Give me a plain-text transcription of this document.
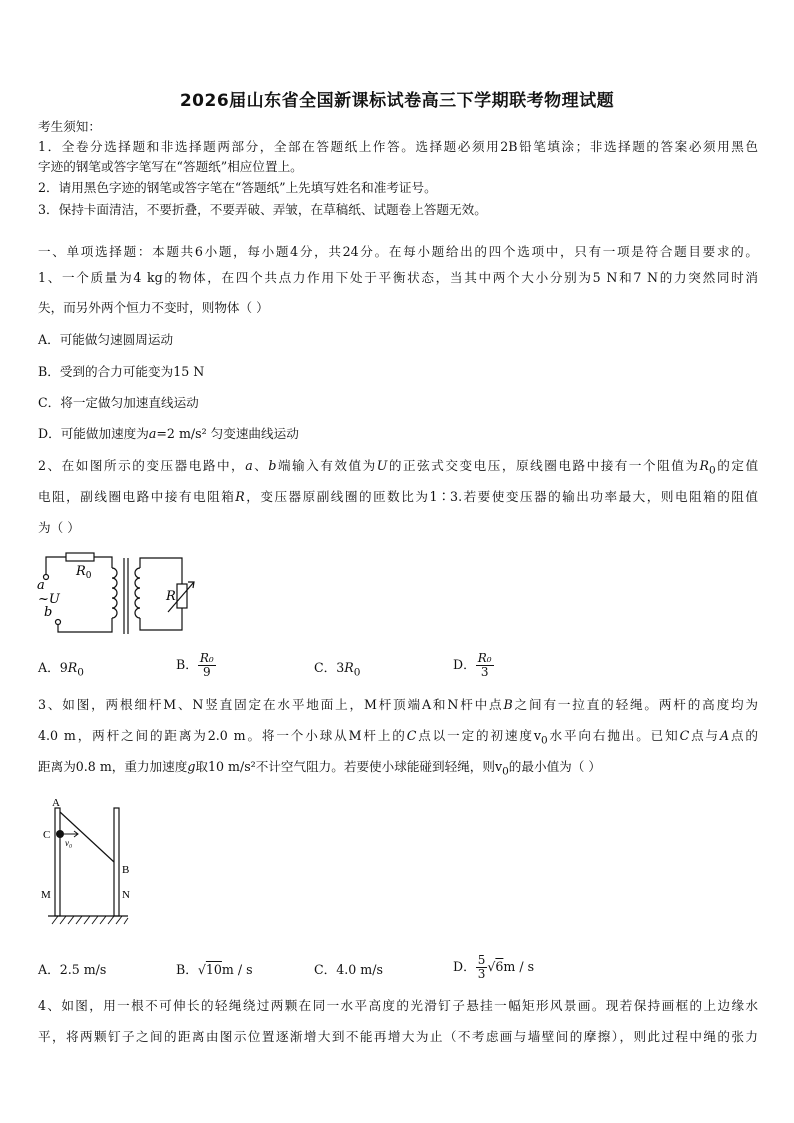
2026届山东省全国新课标试卷高三下学期联考物理试题
考生须知：
1．全卷分选择题和非选择题两部分，全部在答题纸上作答。选择题必须用2B铅笔填涂；非选择题的答案必须用黑色
字迹的钢笔或答字笔写在“答题纸”相应位置上。
2．请用黑色字迹的钢笔或答字笔在“答题纸”上先填写姓名和准考证号。
3．保持卡面清洁，不要折叠，不要弄破、弄皱，在草稿纸、试题卷上答题无效。
一、单项选择题：本题共6小题，每小题4分，共24分。在每小题给出的四个选项中，只有一项是符合题目要求的。
1、一个质量为4 kg的物体，在四个共点力作用下处于平衡状态，当其中两个大小分别为5 N和7 N的力突然同时消
失，而另外两个恒力不变时，则物体（ ）
A．可能做匀速圆周运动
B．受到的合力可能变为15 N
C．将一定做匀加速直线运动
D．可能做加速度为a=2 m/s² 匀变速曲线运动
2、在如图所示的变压器电路中，a、b端输入有效值为U的正弦式交变电压，原线圈电路中接有一个阻值为$R_0$的定值
电阻，副线圈电路中接有电阻箱R，变压器原副线圈的匝数比为1∶3.若要使变压器的输出功率最大，则电阻箱的阻值
为（ ）
$R_0$
a
~U
b
R
A．$9R_0$
B． $\frac{\text{R₀}}{9}$	C．$3R_0$
D． $\frac{\text{R₀}}{3}$
3、如图，两根细杆M、N竖直固定在水平地面上，M杆顶端A和N杆中点B之间有一拉直的轻绳。两杆的高度均为
4.0 m，两杆之间的距离为2.0 m。将一个小球从M杆上的C点以一定的初速度$v_0$水平向右抛出。已知C点与A点的
距离为0.8 m，重力加速度g取10 m/s²不计空气阻力。若要使小球能碰到轻绳，则$v_0$的最小值为（ ）
A
C
v₀
B
M	N
A．2.5 m/s	B．√10m / s	C．4.0 m/s	D． $\frac{5}{3} √6m$ / s
4、如图，用一根不可伸长的轻绳绕过两颗在同一水平高度的光滑钉子悬挂一幅矩形风景画。现若保持画框的上边缘水
平，将两颗钉子之间的距离由图示位置逐渐增大到不能再增大为止（不考虑画与墙壁间的摩擦），则此过程中绳的张力
